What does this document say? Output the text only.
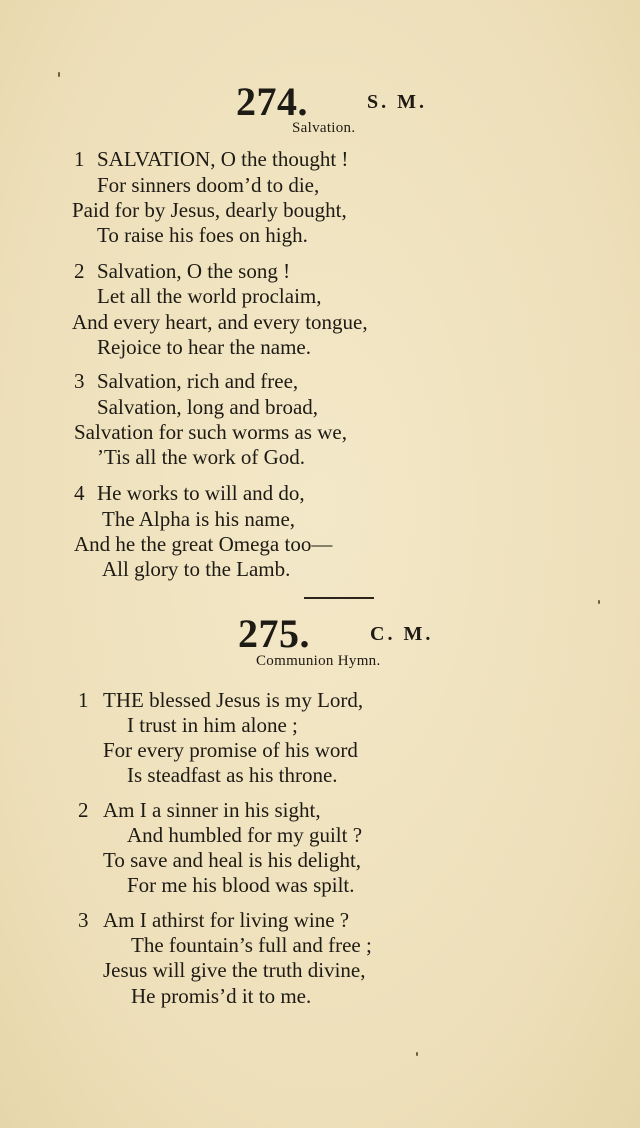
274.	S. M.
Salvation.
1 SALVATION, O the thought !
For sinners doom’d to die,
Paid for by Jesus, dearly bought,
To raise his foes on high.
2 Salvation, O the song !
Let all the world proclaim,
And every heart, and every tongue,
Rejoice to hear the name.
3 Salvation, rich and free,
Salvation, long and broad,
Salvation for such worms as we,
’Tis all the work of God.
4 He works to will and do,
The Alpha is his name,
And he the great Omega too—
All glory to the Lamb.
275.	C. M.
Communion Hymn.
1 THE blessed Jesus is my Lord,
I trust in him alone ;
For every promise of his word
Is steadfast as his throne.
2 Am I a sinner in his sight,
And humbled for my guilt ?
To save and heal is his delight,
For me his blood was spilt.
3 Am I athirst for living wine ?
The fountain’s full and free ;
Jesus will give the truth divine,
He promis’d it to me.
